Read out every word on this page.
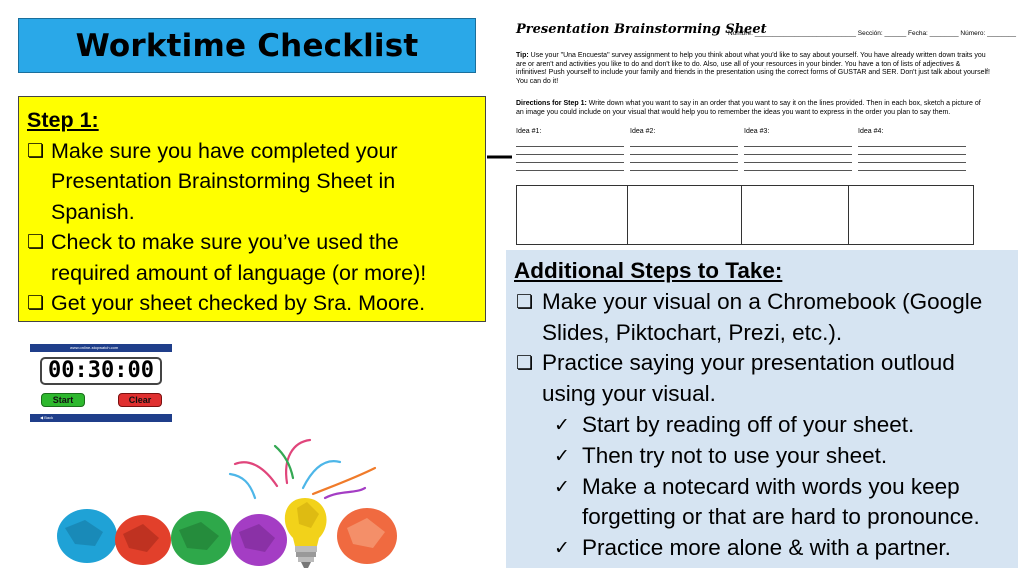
Worktime Checklist
Step 1:
❏ Make sure you have completed your
Presentation Brainstorming Sheet in
Spanish.
❏ Check to make sure you’ve used the
required amount of language (or more)!
❏ Get your sheet checked by Sra. Moore.
Presentation Brainstorming Sheet
Nombre: ____________________________ Sección: ______ Fecha: ________ Número: ________
Tip: Use your "Una Encuesta" survey assignment to help you think about what you'd like to say about yourself. You have already written down traits you are or aren't and activities you like to do and don't like to do. Also, use all of your resources in your binder. You have a ton of lists of adjectives & infinitives! Push yourself to include your family and friends in the presentation using the correct forms of GUSTAR and SER. Don't just talk about yourself! You can do it!
Directions for Step 1: Write down what you want to say in an order that you want to say it on the lines provided. Then in each box, sketch a picture of an image you could include on your visual that would help you to remember the ideas you want to express in the order you plan to say them.
Idea #1:	Idea #2:	Idea #3:	Idea #4:
Additional Steps to Take:
❏ Make your visual on a Chromebook (Google
Slides, Piktochart, Prezi, etc.).
❏ Practice saying your presentation outloud
using your visual.
✓ Start by reading off of your sheet.
✓ Then try not to use your sheet.
✓ Make a notecard with words you keep
forgetting or that are hard to pronounce.
✓ Practice more alone & with a partner.
www.online-stopwatch.com
00:30:00
Start	Clear
◀ Back
